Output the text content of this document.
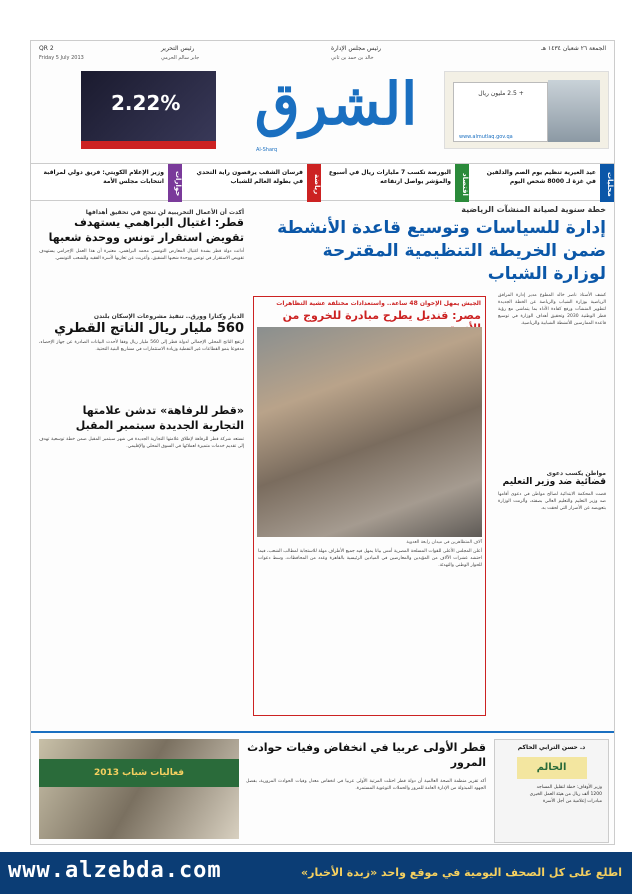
2 QR	رئيس التحرير
جابر سالم الحرمي
رئيس مجلس الإدارة
خالد بن حمد بن ثاني
الجمعة ٢٦ شعبان ١٤٣٤ هـ
Friday 5 July 2013
2.22% الشرق
Al-Sharq
+ 2.5 مليون ريال
www.almutlaq.gov.qa
محليات
عيد الغيرية تنظيم يوم الصم والدلفين في غزة لـ 8000 شخص اليوم
اقتصاد
البورصة تكسب 7 مليارات ريال في أسبوع والمؤشر يواصل ارتفاعه
رياضة
فرسان الشقب يرقصون راية التحدي في بطولة العالم للشباب
حوارات
وزير الإعلام الكويتي: فريق دولي لمراقبة انتخابات مجلس الأمة
خطة سنوية لصيانة المنشآت الرياضية
إدارة للسياسات وتوسيع قاعدة الأنشطة ضمن الخريطة التنظيمية المقترحة لوزارة الشباب
كشف الأستاذ ناصر خالد المطوع مدير إدارة المرافق الرياضية بوزارة الشباب والرياضة عن الخطة الجديدة لتطوير المنشآت ورفع كفاءة الأداء بما يتماشى مع رؤية قطر الوطنية 2030 وتحقيق أهداف الوزارة في توسيع قاعدة الممارسين للأنشطة الشبابية والرياضية.
الجيش يمهل الإخوان 48 ساعة.. واستعدادات مختلفة عشية التظاهرات
مصر: قنديل يطرح مبادرة للخروج من
آلاف المتظاهرين في ميدان رابعة العدوية
أعلن المجلس الأعلى للقوات المسلحة المصرية أمس بيانا يمهل فيه جميع الأطراف مهلة للاستجابة لمطالب الشعب، فيما احتشد عشرات الآلاف من المؤيدين والمعارضين في الميادين الرئيسية بالقاهرة وعدد من المحافظات، وسط دعوات للحوار الوطني والتهدئة.
أكدت أن الأعمال التخريبية لن تنجح في تحقيق أهدافها
قطر: اغتيال البراهمي يستهدف تقويض استقرار تونس ووحدة شعبها
أدانت دولة قطر بشدة اغتيال المعارض التونسي محمد البراهمي، معتبرة أن هذا العمل الإجرامي يستهدف تقويض الاستقرار في تونس ووحدة شعبها الشقيق، وأعربت عن تعازيها لأسرة الفقيد وللشعب التونسي.
الديار وكتارا وورق.. تنفيذ مشروعات الإسكان بلندن
560 مليار ريال الناتج القطري
ارتفع الناتج المحلي الإجمالي لدولة قطر إلى 560 مليار ريال وفقا لأحدث البيانات الصادرة عن جهاز الإحصاء، مدفوعا بنمو القطاعات غير النفطية وزيادة الاستثمارات في مشاريع البنية التحتية.
«قطر للرفاهة» تدشن علامتها التجارية الجديدة سبتمبر المقبل
تستعد شركة قطر للرفاهة لإطلاق علامتها التجارية الجديدة في شهر سبتمبر المقبل ضمن خطة توسعية تهدف إلى تقديم خدمات متميزة لعملائها في السوق المحلي والإقليمي.
مواطن يكسب دعوى
قضائية ضد وزير التعليم
قضت المحكمة الابتدائية لصالح مواطن في دعوى أقامها ضد وزير التعليم والتعليم العالي بصفته، وألزمت الوزارة بتعويضه عن الأضرار التي لحقت به.
فعاليات شباب 2013
قطر الأولى عربيا في انخفاض وفيات حوادث المرور
أكد تقرير منظمة الصحة العالمية أن دولة قطر احتلت المرتبة الأولى عربيا في انخفاض معدل وفيات الحوادث المرورية، بفضل الجهود المبذولة من الإدارة العامة للمرور والحملات التوعوية المستمرة.
د. حسن الترابي الحاكم
الحالم
وزير الأوقاف: خطة لتقليل المساجد
1200 ألف ريال من هيئة العمل الخيري
مبادرات إعلامية من أجل الأسرة
www.alzebda.com	اطلع على كل الصحف اليومية في موقع واحد «زبدة الأخبار»
